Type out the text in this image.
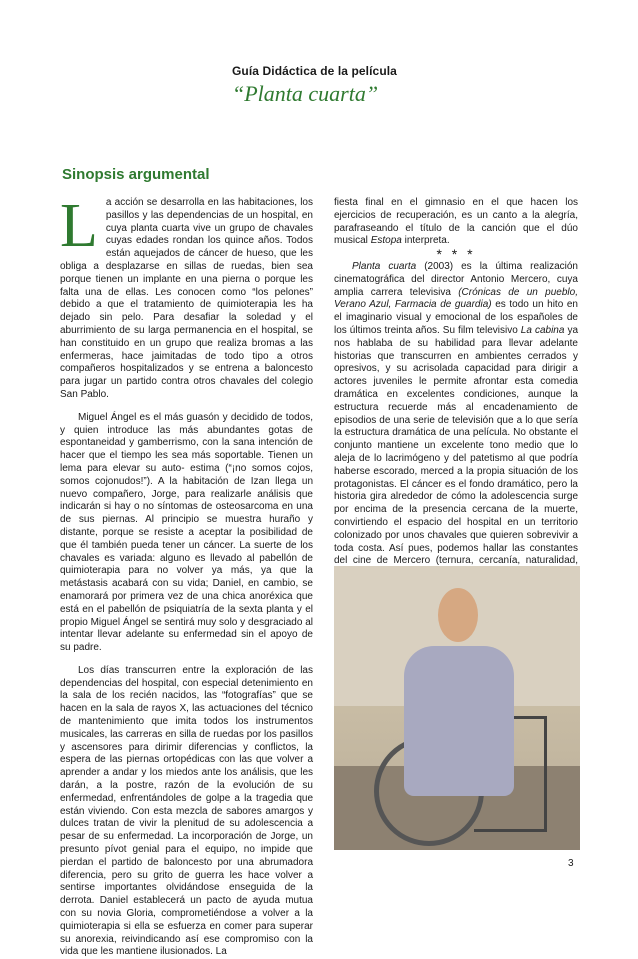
Guía Didáctica de la película

“Planta cuarta”

Sinopsis argumental

La acción se desarrolla en las habitaciones, los pasillos y las dependencias de un hospital, en cuya planta cuarta vive un grupo de chavales cuyas edades rondan los quince años. Todos están aquejados de cáncer de hueso, que les obliga a desplazarse en sillas de ruedas, bien sea porque tienen un implante en una pierna o porque les falta una de ellas. Les conocen como “los pelones” debido a que el tratamiento de quimioterapia les ha dejado sin pelo. Para desafiar la soledad y el aburrimiento de su larga permanencia en el hospital, se han constituido en un grupo que realiza bromas a las enfermeras, hace jaimitadas de todo tipo a otros compañeros hospitalizados y se entrena a baloncesto para jugar un partido contra otros chavales del colegio San Pablo.

Miguel Ángel es el más guasón y decidido de todos, y quien introduce las más abundantes gotas de espontaneidad y gamberrismo, con la sana intención de hacer que el tiempo les sea más soportable. Tienen un lema para elevar su auto- estima (“¡no somos cojos, somos cojonudos!”). A la habitación de Izan llega un nuevo compañero, Jorge, para realizarle análisis que indicarán si hay o no síntomas de osteosarcoma en una de sus piernas. Al principio se muestra huraño y distante, porque se resiste a aceptar la posibilidad de que él también pueda tener un cáncer. La suerte de los chavales es variada: alguno es llevado al pabellón de quimioterapia para no volver ya más, ya que la metástasis acabará con su vida; Daniel, en cambio, se enamorará por primera vez de una chica anoréxica que está en el pabellón de psiquiatría de la sexta planta y el propio Miguel Ángel se sentirá muy solo y desgraciado al intentar llevar adelante su enfermedad sin el apoyo de su padre.

Los días transcurren entre la exploración de las dependencias del hospital, con especial detenimiento en la sala de los recién nacidos, las “fotografías” que se hacen en la sala de rayos X, las actuaciones del técnico de mantenimiento que imita todos los instrumentos musicales, las carreras en silla de ruedas por los pasillos y ascensores para dirimir diferencias y conflictos, la espera de las piernas ortopédicas con las que volver a aprender a andar y los miedos ante los análisis, que les darán, a la postre, razón de la evolución de su enfermedad, enfrentándoles de golpe a la tragedia que están viviendo. Con esta mezcla de sabores amargos y dulces tratan de vivir la plenitud de su adolescencia a pesar de su enfermedad. La incorporación de Jorge, un presunto pívot genial para el equipo, no impide que pierdan el partido de baloncesto por una abrumadora diferencia, pero su grito de guerra les hace volver a sentirse importantes olvidándose enseguida de la derrota. Daniel establecerá un pacto de ayuda mutua con su novia Gloria, comprometiéndose a volver a la quimioterapia si ella se esfuerza en comer para superar su anorexia, reivindicando así ese compromiso con la vida que les mantiene ilusionados. La

fiesta final en el gimnasio en el que hacen los ejercicios de recuperación, es un canto a la alegría, parafraseando el título de la canción que el dúo musical Estopa interpreta.

* * *

Planta cuarta (2003) es la última realización cinematográfica del director Antonio Mercero, cuya amplia carrera televisiva (Crónicas de un pueblo, Verano Azul, Farmacia de guardia) es todo un hito en el imaginario visual y emocional de los españoles de los últimos treinta años. Su film televisivo La cabina ya nos hablaba de su habilidad para llevar adelante historias que transcurren en ambientes cerrados y opresivos, y su acrisolada capacidad para dirigir a actores juveniles le permite afrontar esta comedia dramática en excelentes condiciones, aunque la estructura recuerde más al encadenamiento de episodios de una serie de televisión que a lo que sería la estructura dramática de una película. No obstante el conjunto mantiene un excelente tono medio que lo aleja de lo lacrimógeno y del patetismo al que podría haberse escorado, merced a la propia situación de los protagonistas. El cáncer es el fondo dramático, pero la historia gira alrededor de cómo la adolescencia surge por encima de la presencia cercana de la muerte, convirtiendo el espacio del hospital en un territorio colonizado por unos chavales que quieren sobrevivir a toda costa. Así pues, podemos hallar las constantes del cine de Mercero (ternura, cercanía, naturalidad,

3
